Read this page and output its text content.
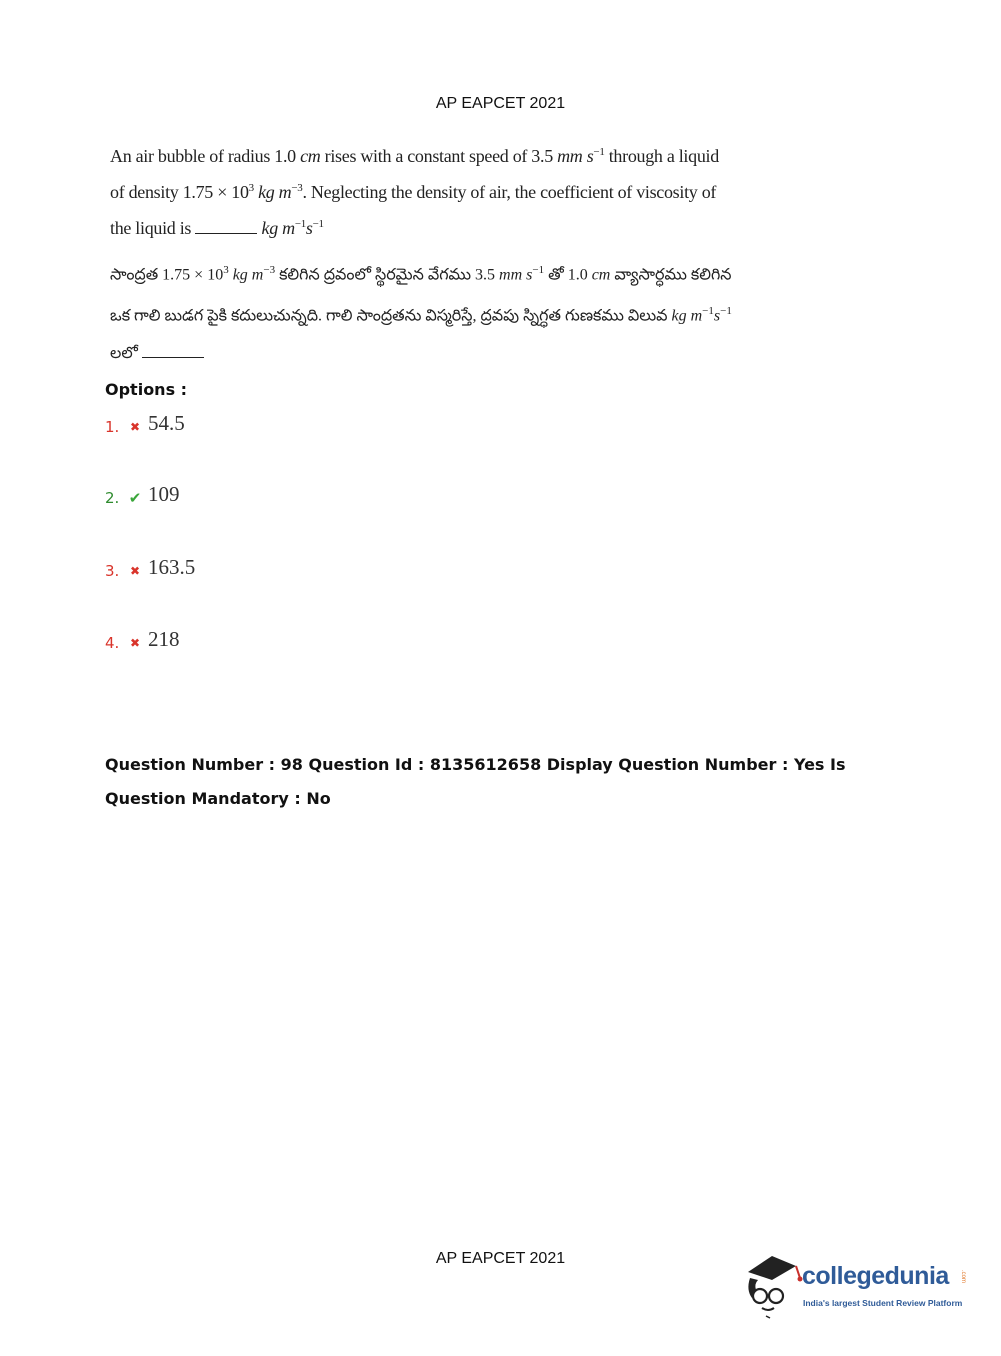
AP EAPCET 2021
An air bubble of radius 1.0 cm rises with a constant speed of 3.5 mm $s^{-1}$ through a liquid of density $1.75 \times 10^3$ kg $m^{-3}$. Neglecting the density of air, the coefficient of viscosity of the liquid is	kg $m^{-1}s^{-1}$
సాంద్రత $1.75 \times 10^3$ kg $m^{-3}$ కలిగిన ద్రవంలో స్థిరమైన వేగము 3.5 mm $s^{-1}$ తో 1.0 cm వ్యాసార్ధము కలిగిన ఒక గాలి బుడగ పైకి కదులుచున్నది. గాలి సాంద్రతను విస్మరిస్తే, ద్రవపు స్నిగ్ధత గుణకము విలువ kg $m^{-1}s^{-1}$ లలో
Options :
1. ✖ 54.5
2. ✔ 109
3. ✖ 163.5
4. ✖ 218
Question Number : 98 Question Id : 8135612658 Display Question Number : Yes Is Question Mandatory : No
AP EAPCET 2021
collegedunia .com
India's largest Student Review Platform
